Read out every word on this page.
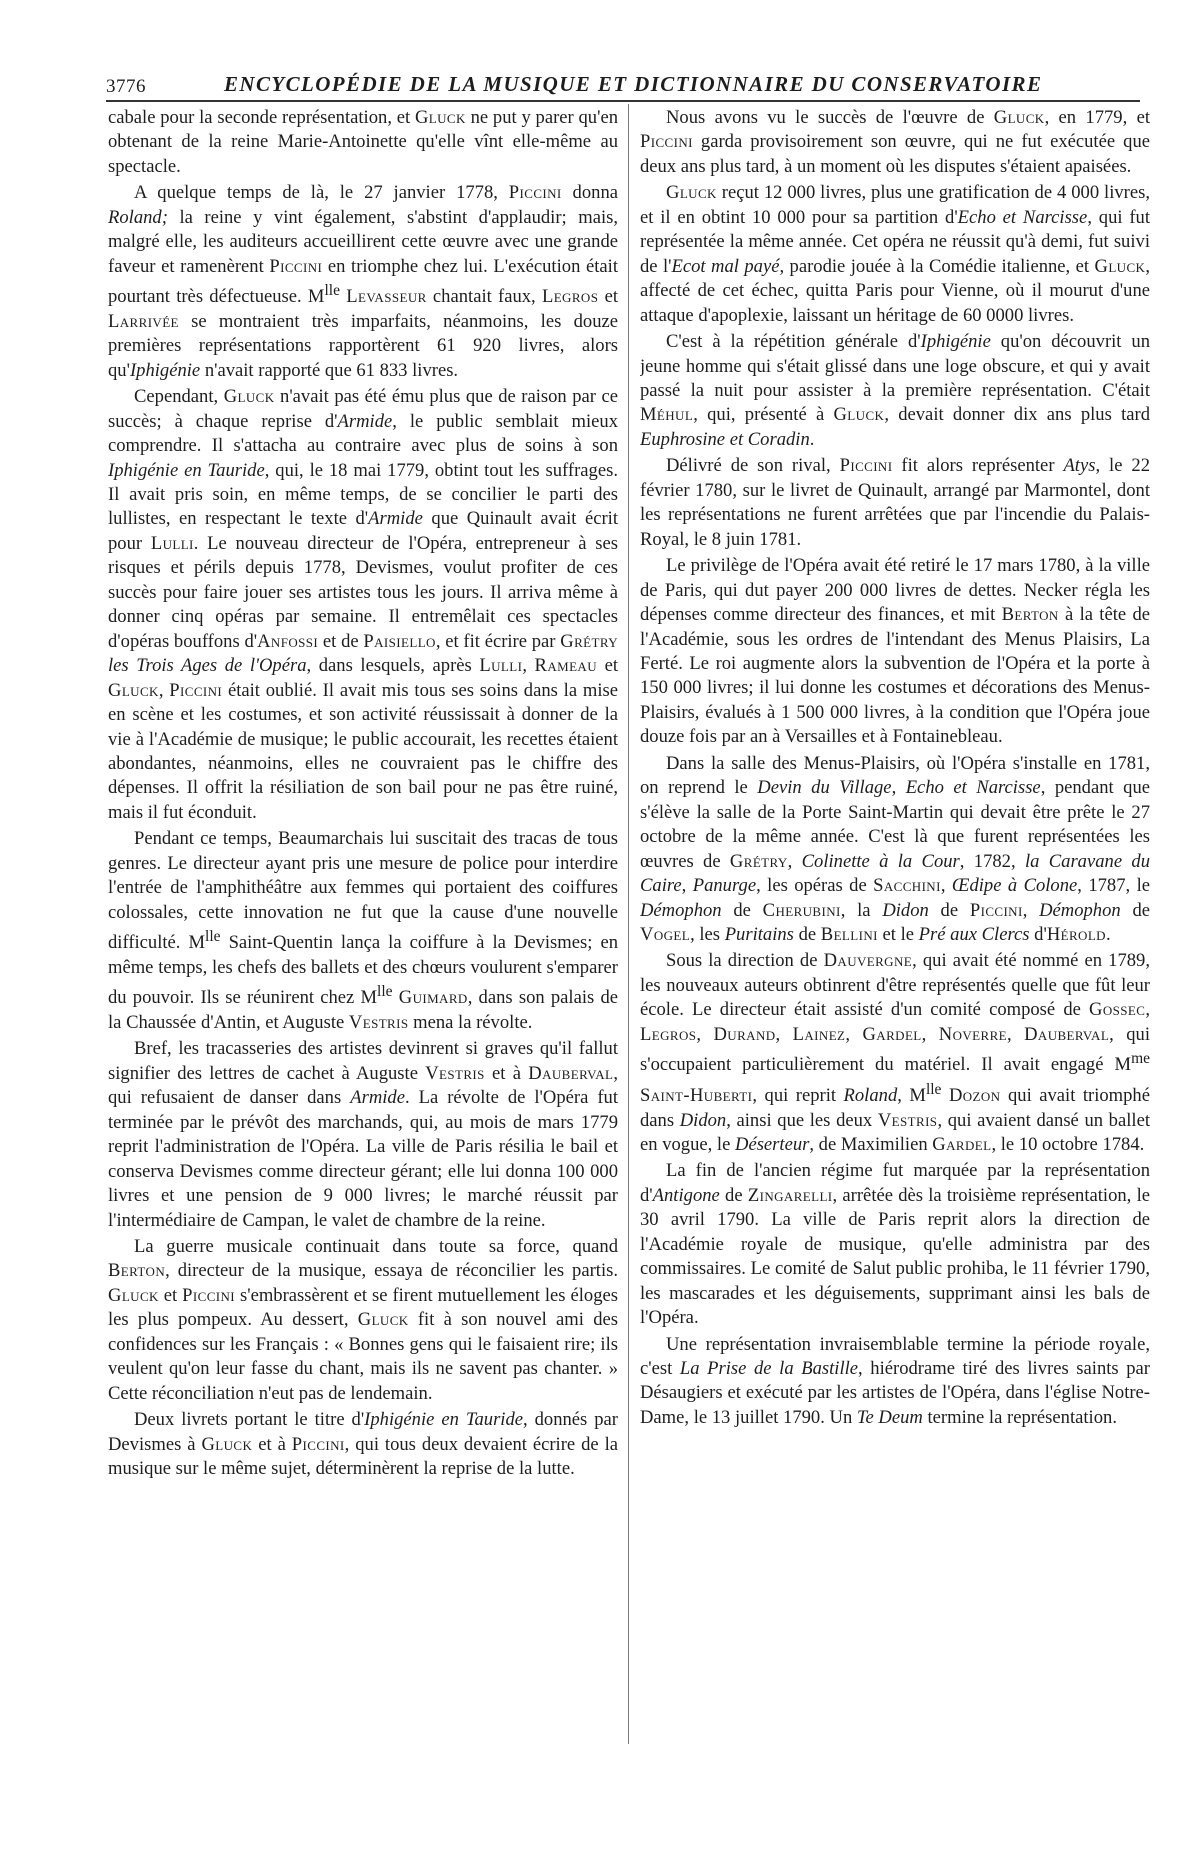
3776	ENCYCLOPÉDIE DE LA MUSIQUE ET DICTIONNAIRE DU CONSERVATOIRE

cabale pour la seconde représentation, et Gluck ne put y parer qu'en obtenant de la reine Marie-Antoinette qu'elle vînt elle-même au spectacle.

A quelque temps de là, le 27 janvier 1778, Piccini donna Roland; la reine y vint également, s'abstint d'applaudir; mais, malgré elle, les auditeurs accueillirent cette œuvre avec une grande faveur et ramenèrent Piccini en triomphe chez lui. L'exécution était pourtant très défectueuse. $M^{lle}$ Levasseur chantait faux, Legros et Larrivée se montraient très imparfaits, néanmoins, les douze premières représentations rapportèrent 61 920 livres, alors qu'Iphigénie n'avait rapporté que 61 833 livres.

Cependant, Gluck n'avait pas été ému plus que de raison par ce succès; à chaque reprise d'Armide, le public semblait mieux comprendre. Il s'attacha au contraire avec plus de soins à son Iphigénie en Tauride, qui, le 18 mai 1779, obtint tout les suffrages. Il avait pris soin, en même temps, de se concilier le parti des lullistes, en respectant le texte d'Armide que Quinault avait écrit pour Lulli. Le nouveau directeur de l'Opéra, entrepreneur à ses risques et périls depuis 1778, Devismes, voulut profiter de ces succès pour faire jouer ses artistes tous les jours. Il arriva même à donner cinq opéras par semaine. Il entremêlait ces spectacles d'opéras bouffons d'Anfossi et de Paisiello, et fit écrire par Grétry les Trois Ages de l'Opéra, dans lesquels, après Lulli, Rameau et Gluck, Piccini était oublié. Il avait mis tous ses soins dans la mise en scène et les costumes, et son activité réussissait à donner de la vie à l'Académie de musique; le public accourait, les recettes étaient abondantes, néanmoins, elles ne couvraient pas le chiffre des dépenses. Il offrit la résiliation de son bail pour ne pas être ruiné, mais il fut éconduit.

Pendant ce temps, Beaumarchais lui suscitait des tracas de tous genres. Le directeur ayant pris une mesure de police pour interdire l'entrée de l'amphithéâtre aux femmes qui portaient des coiffures colossales, cette innovation ne fut que la cause d'une nouvelle difficulté. $M^{lle}$ Saint-Quentin lança la coiffure à la Devismes; en même temps, les chefs des ballets et des chœurs voulurent s'emparer du pouvoir. Ils se réunirent chez $M^{lle}$ Guimard, dans son palais de la Chaussée d'Antin, et Auguste Vestris mena la révolte.

Bref, les tracasseries des artistes devinrent si graves qu'il fallut signifier des lettres de cachet à Auguste Vestris et à Dauberval, qui refusaient de danser dans Armide. La révolte de l'Opéra fut terminée par le prévôt des marchands, qui, au mois de mars 1779 reprit l'administration de l'Opéra. La ville de Paris résilia le bail et conserva Devismes comme directeur gérant; elle lui donna 100 000 livres et une pension de 9 000 livres; le marché réussit par l'intermédiaire de Campan, le valet de chambre de la reine.

La guerre musicale continuait dans toute sa force, quand Berton, directeur de la musique, essaya de réconcilier les partis. Gluck et Piccini s'embrassèrent et se firent mutuellement les éloges les plus pompeux. Au dessert, Gluck fit à son nouvel ami des confidences sur les Français : « Bonnes gens qui le faisaient rire; ils veulent qu'on leur fasse du chant, mais ils ne savent pas chanter. » Cette réconciliation n'eut pas de lendemain.

Deux livrets portant le titre d'Iphigénie en Tauride, donnés par Devismes à Gluck et à Piccini, qui tous deux devaient écrire de la musique sur le même sujet, déterminèrent la reprise de la lutte.

Nous avons vu le succès de l'œuvre de Gluck, en 1779, et Piccini garda provisoirement son œuvre, qui ne fut exécutée que deux ans plus tard, à un moment où les disputes s'étaient apaisées.

Gluck reçut 12 000 livres, plus une gratification de 4 000 livres, et il en obtint 10 000 pour sa partition d'Echo et Narcisse, qui fut représentée la même année. Cet opéra ne réussit qu'à demi, fut suivi de l'Ecot mal payé, parodie jouée à la Comédie italienne, et Gluck, affecté de cet échec, quitta Paris pour Vienne, où il mourut d'une attaque d'apoplexie, laissant un héritage de 60 0000 livres.

C'est à la répétition générale d'Iphigénie qu'on découvrit un jeune homme qui s'était glissé dans une loge obscure, et qui y avait passé la nuit pour assister à la première représentation. C'était Méhul, qui, présenté à Gluck, devait donner dix ans plus tard Euphrosine et Coradin.

Délivré de son rival, Piccini fit alors représenter Atys, le 22 février 1780, sur le livret de Quinault, arrangé par Marmontel, dont les représentations ne furent arrêtées que par l'incendie du Palais-Royal, le 8 juin 1781.

Le privilège de l'Opéra avait été retiré le 17 mars 1780, à la ville de Paris, qui dut payer 200 000 livres de dettes. Necker régla les dépenses comme directeur des finances, et mit Berton à la tête de l'Académie, sous les ordres de l'intendant des Menus Plaisirs, La Ferté. Le roi augmente alors la subvention de l'Opéra et la porte à 150 000 livres; il lui donne les costumes et décorations des Menus-Plaisirs, évalués à 1 500 000 livres, à la condition que l'Opéra joue douze fois par an à Versailles et à Fontainebleau.

Dans la salle des Menus-Plaisirs, où l'Opéra s'installe en 1781, on reprend le Devin du Village, Echo et Narcisse, pendant que s'élève la salle de la Porte Saint-Martin qui devait être prête le 27 octobre de la même année. C'est là que furent représentées les œuvres de Grétry, Colinette à la Cour, 1782, la Caravane du Caire, Panurge, les opéras de Sacchini, Œdipe à Colone, 1787, le Démophon de Cherubini, la Didon de Piccini, Démophon de Vogel, les Puritains de Bellini et le Pré aux Clercs d'Hérold.

Sous la direction de Dauvergne, qui avait été nommé en 1789, les nouveaux auteurs obtinrent d'être représentés quelle que fût leur école. Le directeur était assisté d'un comité composé de Gossec, Legros, Durand, Lainez, Gardel, Noverre, Dauberval, qui s'occupaient particulièrement du matériel. Il avait engagé $M^{me}$ Saint-Huberti, qui reprit Roland, $M^{lle}$ Dozon qui avait triomphé dans Didon, ainsi que les deux Vestris, qui avaient dansé un ballet en vogue, le Déserteur, de Maximilien Gardel, le 10 octobre 1784.

La fin de l'ancien régime fut marquée par la représentation d'Antigone de Zingarelli, arrêtée dès la troisième représentation, le 30 avril 1790. La ville de Paris reprit alors la direction de l'Académie royale de musique, qu'elle administra par des commissaires. Le comité de Salut public prohiba, le 11 février 1790, les mascarades et les déguisements, supprimant ainsi les bals de l'Opéra.

Une représentation invraisemblable termine la période royale, c'est La Prise de la Bastille, hiérodrame tiré des livres saints par Désaugiers et exécuté par les artistes de l'Opéra, dans l'église Notre-Dame, le 13 juillet 1790. Un Te Deum termine la représentation.
